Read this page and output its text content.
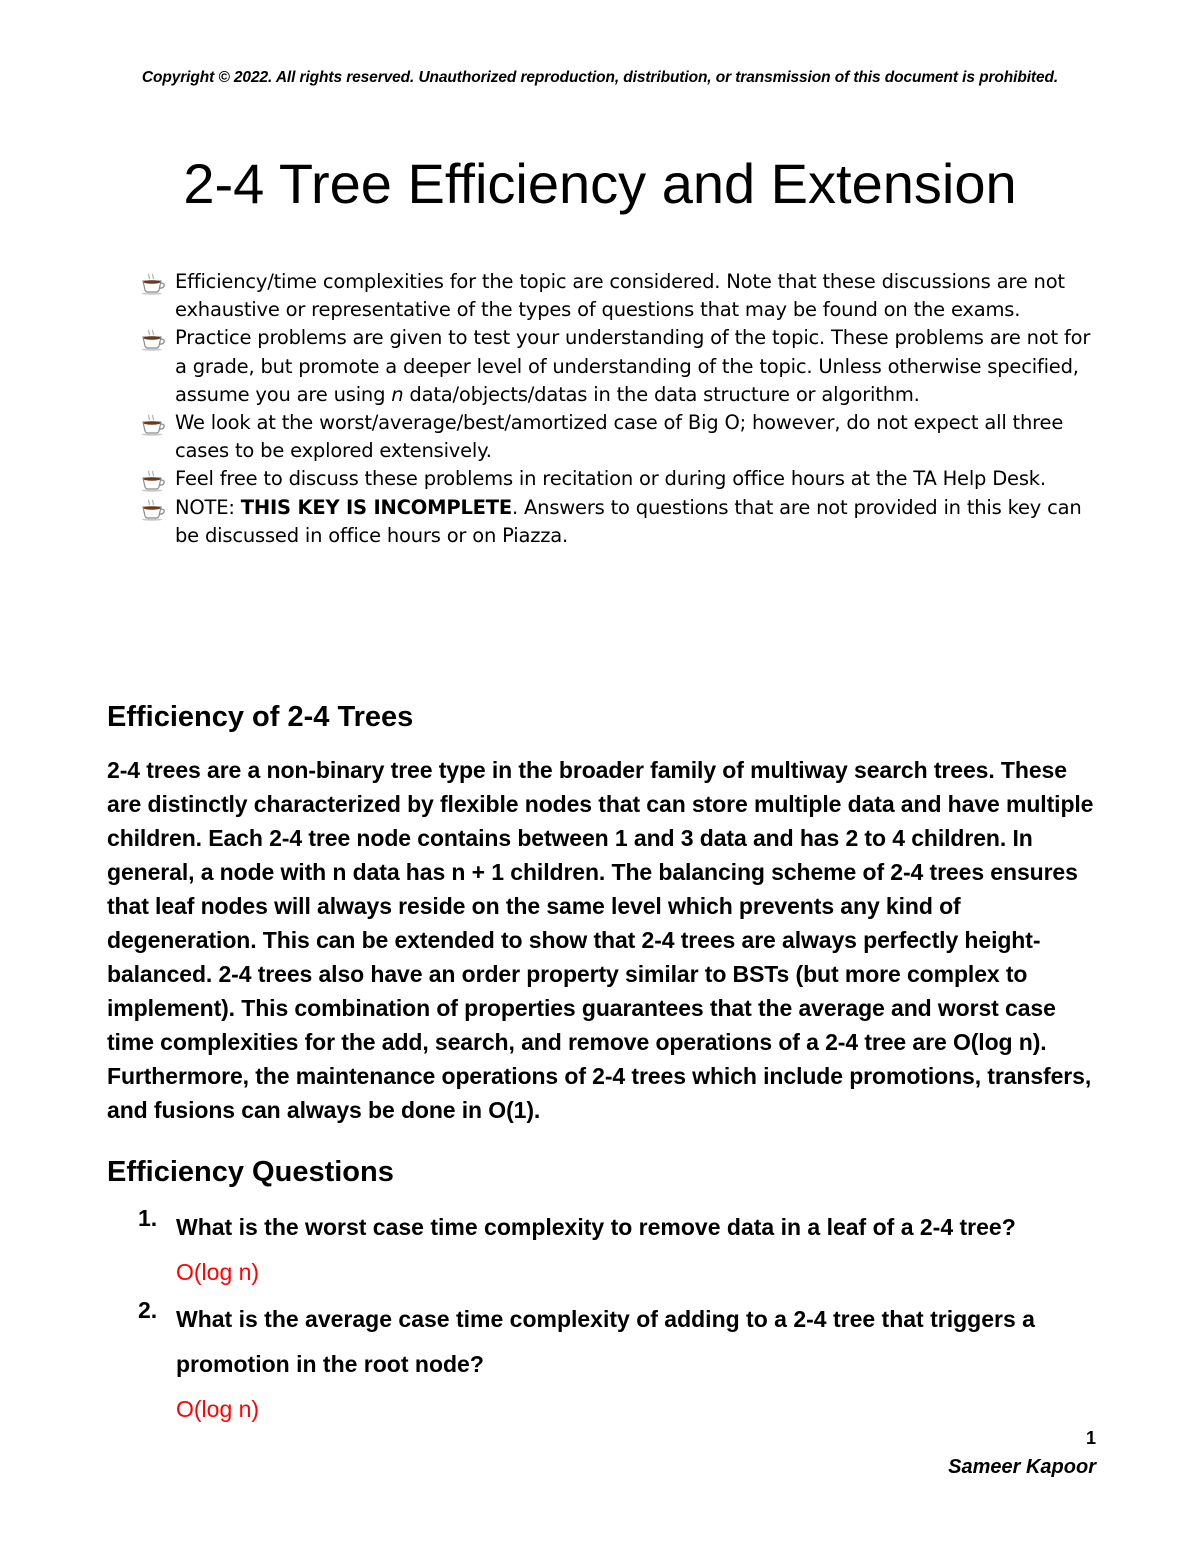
Copyright © 2022. All rights reserved. Unauthorized reproduction, distribution, or transmission of this document is prohibited.
2-4 Tree Efficiency and Extension
Efficiency/time complexities for the topic are considered. Note that these discussions are not exhaustive or representative of the types of questions that may be found on the exams.
Practice problems are given to test your understanding of the topic. These problems are not for a grade, but promote a deeper level of understanding of the topic. Unless otherwise specified, assume you are using n data/objects/datas in the data structure or algorithm.
We look at the worst/average/best/amortized case of Big O; however, do not expect all three cases to be explored extensively.
Feel free to discuss these problems in recitation or during office hours at the TA Help Desk.
NOTE: THIS KEY IS INCOMPLETE. Answers to questions that are not provided in this key can be discussed in office hours or on Piazza.
Efficiency of 2-4 Trees
2-4 trees are a non-binary tree type in the broader family of multiway search trees. These are distinctly characterized by flexible nodes that can store multiple data and have multiple children. Each 2-4 tree node contains between 1 and 3 data and has 2 to 4 children. In general, a node with n data has n + 1 children. The balancing scheme of 2-4 trees ensures that leaf nodes will always reside on the same level which prevents any kind of degeneration. This can be extended to show that 2-4 trees are always perfectly height-balanced. 2-4 trees also have an order property similar to BSTs (but more complex to implement). This combination of properties guarantees that the average and worst case time complexities for the add, search, and remove operations of a 2-4 tree are O(log n). Furthermore, the maintenance operations of 2-4 trees which include promotions, transfers, and fusions can always be done in O(1).
Efficiency Questions
1. What is the worst case time complexity to remove data in a leaf of a 2-4 tree?
O(log n)
2. What is the average case time complexity of adding to a 2-4 tree that triggers a promotion in the root node?
O(log n)
1
Sameer Kapoor
